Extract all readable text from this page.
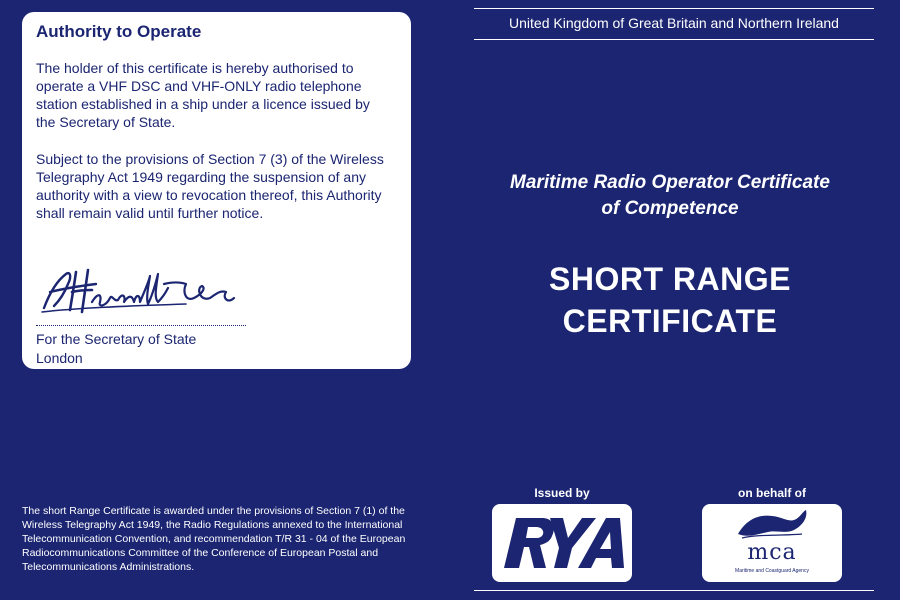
Authority to Operate

The holder of this certificate is hereby authorised to operate a VHF DSC and VHF-ONLY radio telephone station established in a ship under a licence issued by the Secretary of State.

Subject to the provisions of Section 7 (3) of the Wireless Telegraphy Act 1949 regarding the suspension of any authority with a view to revocation thereof, this Authority shall remain valid until further notice.

For the Secretary of State
London
The short Range Certificate is awarded under the provisions of Section 7 (1) of the Wireless Telegraphy Act 1949, the Radio Regulations annexed to the International Telecommunication Convention, and recommendation T/R 31 - 04 of the European Radiocommunications Committee of the Conference of European Postal and Telecommunications Administrations.
United Kingdom of Great Britain and Northern Ireland
Maritime Radio Operator Certificate
of Competence
SHORT RANGE
CERTIFICATE
Issued by	on behalf of
mca
Maritime and Coastguard Agency
